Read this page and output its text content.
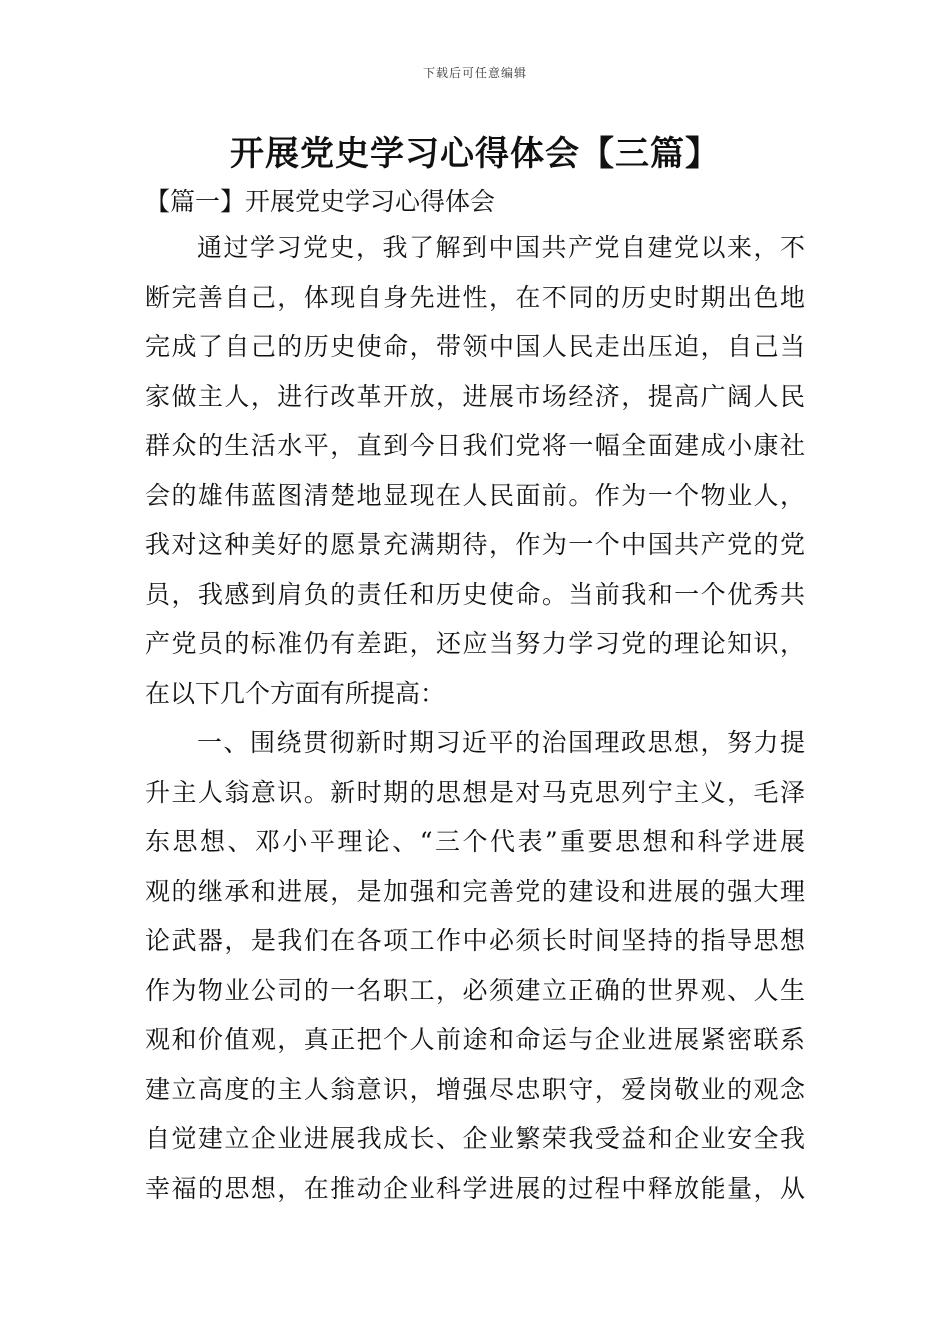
下载后可任意编辑
开展党史学习心得体会【三篇】
【篇一】开展党史学习心得体会
通过学习党史，我了解到中国共产党自建党以来，不
断完善自己，体现自身先进性，在不同的历史时期出色地
完成了自己的历史使命，带领中国人民走出压迫，自己当
家做主人，进行改革开放，进展市场经济，提高广阔人民
群众的生活水平，直到今日我们党将一幅全面建成小康社
会的雄伟蓝图清楚地显现在人民面前。作为一个物业人，
我对这种美好的愿景充满期待，作为一个中国共产党的党
员，我感到肩负的责任和历史使命。当前我和一个优秀共
产党员的标准仍有差距，还应当努力学习党的理论知识，
在以下几个方面有所提高：
一、围绕贯彻新时期习近平的治国理政思想，努力提
升主人翁意识。新时期的思想是对马克思列宁主义，毛泽
东思想、邓小平理论、“三个代表”重要思想和科学进展
观的继承和进展，是加强和完善党的建设和进展的强大理
论武器，是我们在各项工作中必须长时间坚持的指导思想
作为物业公司的一名职工，必须建立正确的世界观、人生
观和价值观，真正把个人前途和命运与企业进展紧密联系
建立高度的主人翁意识，增强尽忠职守，爱岗敬业的观念
自觉建立企业进展我成长、企业繁荣我受益和企业安全我
幸福的思想，在推动企业科学进展的过程中释放能量，从
